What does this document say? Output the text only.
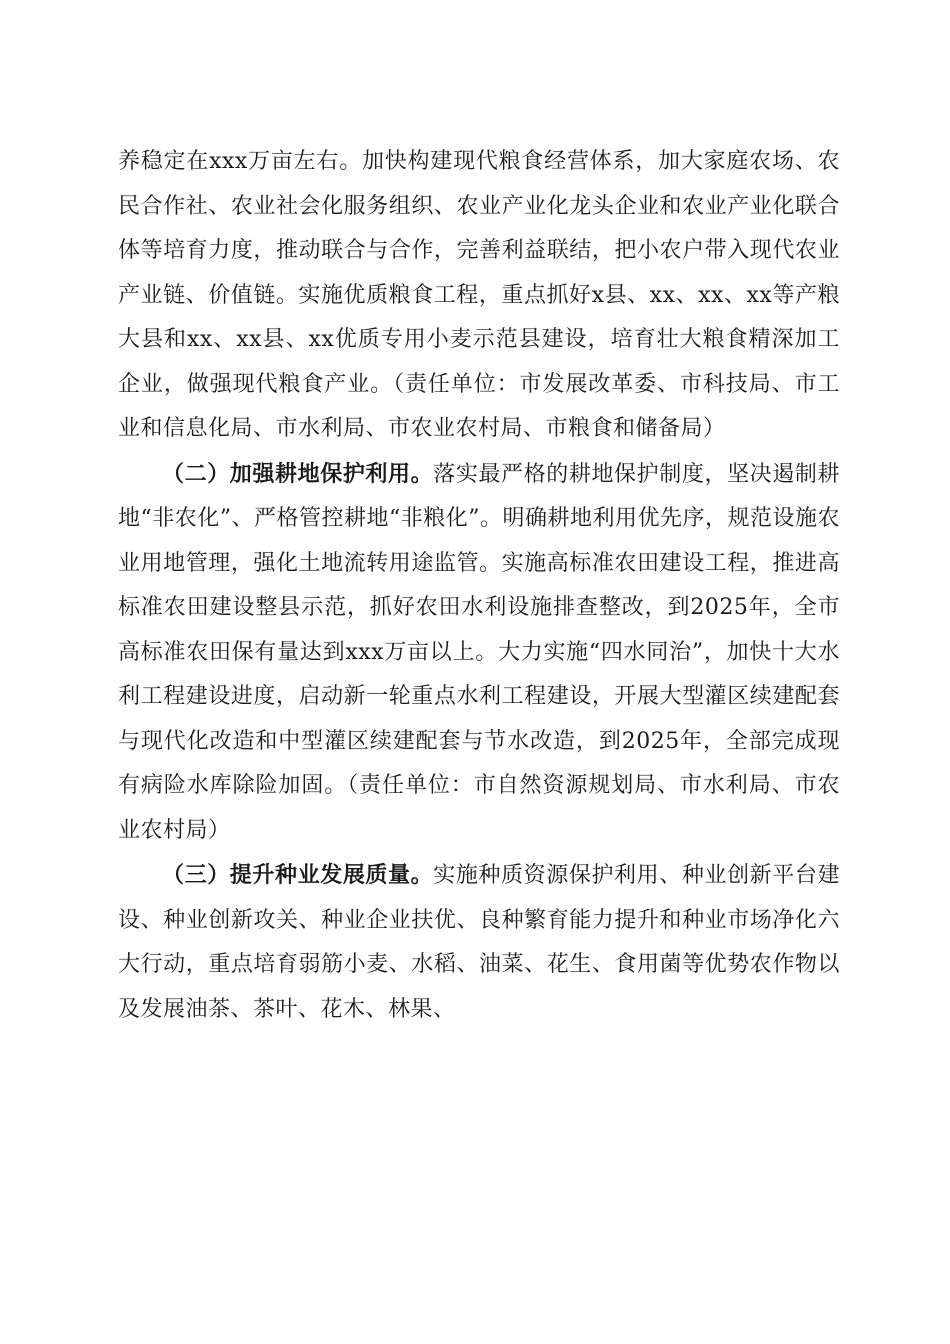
养稳定在xxx万亩左右。加快构建现代粮食经营体系，加大家庭农场、农民合作社、农业社会化服务组织、农业产业化龙头企业和农业产业化联合体等培育力度，推动联合与合作，完善利益联结，把小农户带入现代农业产业链、价值链。实施优质粮食工程，重点抓好x县、xx、xx、xx等产粮大县和xx、xx县、xx优质专用小麦示范县建设，培育壮大粮食精深加工企业，做强现代粮食产业。（责任单位：市发展改革委、市科技局、市工业和信息化局、市水利局、市农业农村局、市粮食和储备局）

（二）加强耕地保护利用。落实最严格的耕地保护制度，坚决遏制耕地“非农化”、严格管控耕地“非粮化”。明确耕地利用优先序，规范设施农业用地管理，强化土地流转用途监管。实施高标准农田建设工程，推进高标准农田建设整县示范，抓好农田水利设施排查整改，到2025年，全市高标准农田保有量达到xxx万亩以上。大力实施“四水同治”，加快十大水利工程建设进度，启动新一轮重点水利工程建设，开展大型灌区续建配套与现代化改造和中型灌区续建配套与节水改造，到2025年，全部完成现有病险水库除险加固。（责任单位：市自然资源规划局、市水利局、市农业农村局）

（三）提升种业发展质量。实施种质资源保护利用、种业创新平台建设、种业创新攻关、种业企业扶优、良种繁育能力提升和种业市场净化六大行动，重点培育弱筋小麦、水稻、油菜、花生、食用菌等优势农作物以及发展油茶、茶叶、花木、林果、
